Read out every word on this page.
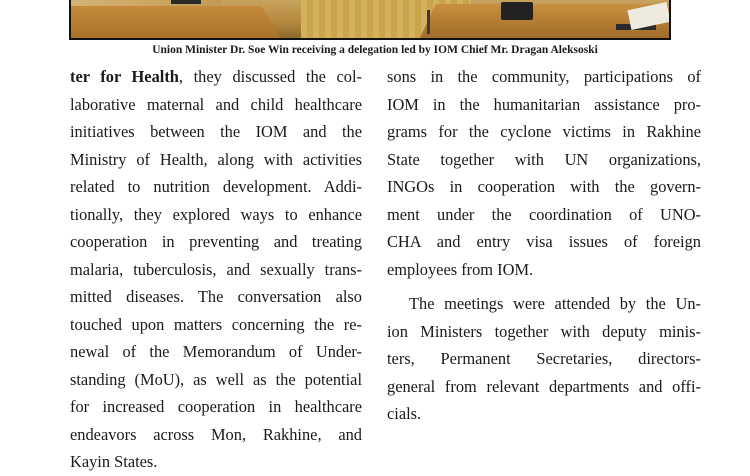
Union Minister Dr. Soe Win receiving a delegation led by IOM Chief Mr. Dragan Aleksoski
ter for Health, they discussed the col-
laborative maternal and child healthcare
initiatives between the IOM and the
Ministry of Health, along with activities
related to nutrition development. Addi-
tionally, they explored ways to enhance
cooperation in preventing and treating
malaria, tuberculosis, and sexually trans-
mitted diseases. The conversation also
touched upon matters concerning the re-
newal of the Memorandum of Under-
standing (MoU), as well as the potential
for increased cooperation in healthcare
endeavors across Mon, Rakhine, and
Kayin States.
sons in the community, participations of
IOM in the humanitarian assistance pro-
grams for the cyclone victims in Rakhine
State together with UN organizations,
INGOs in cooperation with the govern-
ment under the coordination of UNO-
CHA and entry visa issues of foreign
employees from IOM.
The meetings were attended by the Un-
ion Ministers together with deputy minis-
ters, Permanent Secretaries, directors-
general from relevant departments and offi-
cials.
